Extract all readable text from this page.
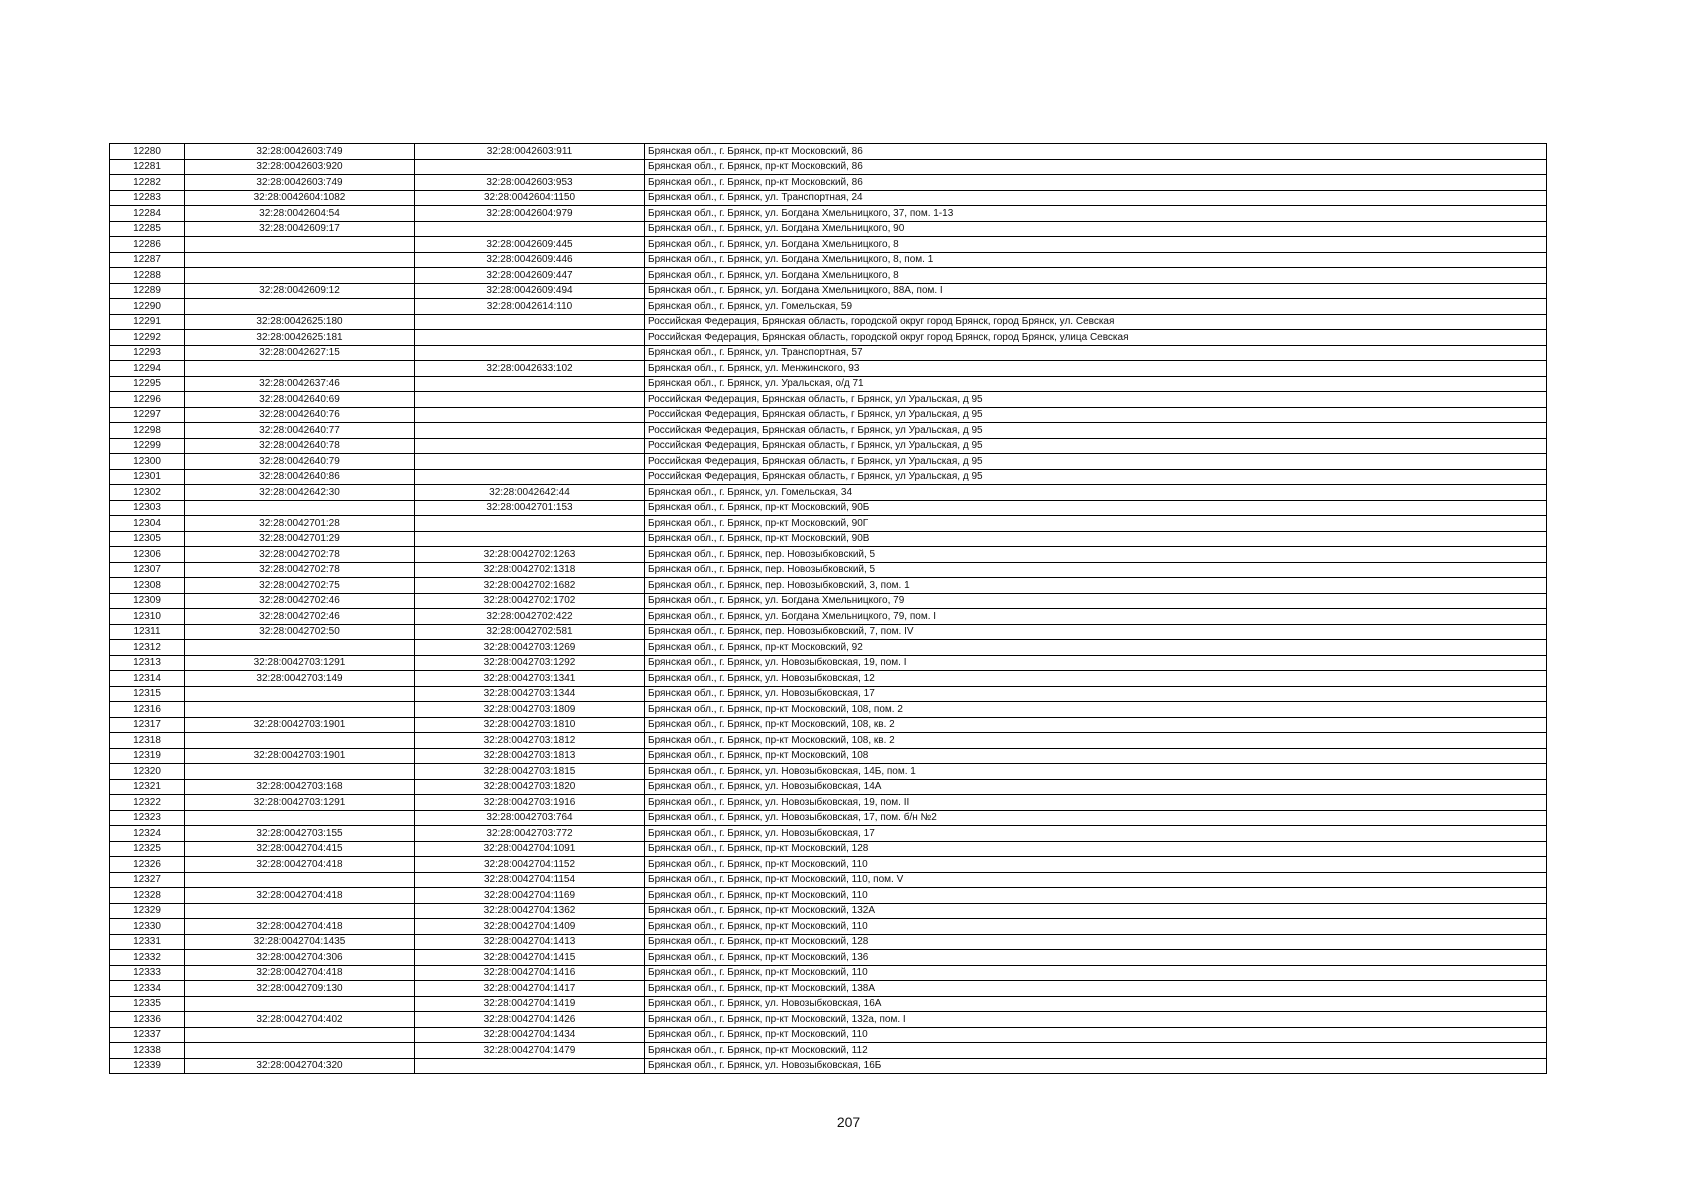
12280	32:28:0042603:749	32:28:0042603:911	Брянская обл., г. Брянск, пр-кт Московский, 86
12281	32:28:0042603:920		Брянская обл., г. Брянск, пр-кт Московский, 86
12282	32:28:0042603:749	32:28:0042603:953	Брянская обл., г. Брянск, пр-кт Московский, 86
12283	32:28:0042604:1082	32:28:0042604:1150	Брянская обл., г. Брянск, ул. Транспортная, 24
12284	32:28:0042604:54	32:28:0042604:979	Брянская обл., г. Брянск, ул. Богдана Хмельницкого, 37, пом. 1-13
12285	32:28:0042609:17		Брянская обл., г. Брянск, ул. Богдана Хмельницкого, 90
12286		32:28:0042609:445	Брянская обл., г. Брянск, ул. Богдана Хмельницкого, 8
12287		32:28:0042609:446	Брянская обл., г. Брянск, ул. Богдана Хмельницкого, 8, пом. 1
12288		32:28:0042609:447	Брянская обл., г. Брянск, ул. Богдана Хмельницкого, 8
12289	32:28:0042609:12	32:28:0042609:494	Брянская обл., г. Брянск, ул. Богдана Хмельницкого, 88А, пом. I
12290		32:28:0042614:110	Брянская обл., г. Брянск, ул. Гомельская, 59
12291	32:28:0042625:180		Российская Федерация, Брянская область, городской округ город Брянск, город Брянск, ул. Севская
12292	32:28:0042625:181		Российская Федерация, Брянская область, городской округ город Брянск, город Брянск, улица Севская
12293	32:28:0042627:15		Брянская обл., г. Брянск, ул. Транспортная, 57
12294		32:28:0042633:102	Брянская обл., г. Брянск, ул. Менжинского, 93
12295	32:28:0042637:46		Брянская обл., г. Брянск, ул. Уральская, о/д 71
12296	32:28:0042640:69		Российская Федерация, Брянская область, г Брянск, ул Уральская, д 95
12297	32:28:0042640:76		Российская Федерация, Брянская область, г Брянск, ул Уральская, д 95
12298	32:28:0042640:77		Российская Федерация, Брянская область, г Брянск, ул Уральская, д 95
12299	32:28:0042640:78		Российская Федерация, Брянская область, г Брянск, ул Уральская, д 95
12300	32:28:0042640:79		Российская Федерация, Брянская область, г Брянск, ул Уральская, д 95
12301	32:28:0042640:86		Российская Федерация, Брянская область, г Брянск, ул Уральская, д 95
12302	32:28:0042642:30	32:28:0042642:44	Брянская обл., г. Брянск, ул. Гомельская, 34
12303		32:28:0042701:153	Брянская обл., г. Брянск, пр-кт Московский, 90Б
12304	32:28:0042701:28		Брянская обл., г. Брянск, пр-кт Московский, 90Г
12305	32:28:0042701:29		Брянская обл., г. Брянск, пр-кт Московский, 90В
12306	32:28:0042702:78	32:28:0042702:1263	Брянская обл., г. Брянск, пер. Новозыбковский, 5
12307	32:28:0042702:78	32:28:0042702:1318	Брянская обл., г. Брянск, пер. Новозыбковский, 5
12308	32:28:0042702:75	32:28:0042702:1682	Брянская обл., г. Брянск, пер. Новозыбковский, 3, пом. 1
12309	32:28:0042702:46	32:28:0042702:1702	Брянская обл., г. Брянск, ул. Богдана Хмельницкого, 79
12310	32:28:0042702:46	32:28:0042702:422	Брянская обл., г. Брянск, ул. Богдана Хмельницкого, 79, пом. I
12311	32:28:0042702:50	32:28:0042702:581	Брянская обл., г. Брянск, пер. Новозыбковский, 7, пом. IV
12312		32:28:0042703:1269	Брянская обл., г. Брянск, пр-кт Московский, 92
12313	32:28:0042703:1291	32:28:0042703:1292	Брянская обл., г. Брянск, ул. Новозыбковская, 19, пом. I
12314	32:28:0042703:149	32:28:0042703:1341	Брянская обл., г. Брянск, ул. Новозыбковская, 12
12315		32:28:0042703:1344	Брянская обл., г. Брянск, ул. Новозыбковская, 17
12316		32:28:0042703:1809	Брянская обл., г. Брянск, пр-кт Московский, 108, пом. 2
12317	32:28:0042703:1901	32:28:0042703:1810	Брянская обл., г. Брянск, пр-кт Московский, 108, кв. 2
12318		32:28:0042703:1812	Брянская обл., г. Брянск, пр-кт Московский, 108, кв. 2
12319	32:28:0042703:1901	32:28:0042703:1813	Брянская обл., г. Брянск, пр-кт Московский, 108
12320		32:28:0042703:1815	Брянская обл., г. Брянск, ул. Новозыбковская, 14Б, пом. 1
12321	32:28:0042703:168	32:28:0042703:1820	Брянская обл., г. Брянск, ул. Новозыбковская, 14А
12322	32:28:0042703:1291	32:28:0042703:1916	Брянская обл., г. Брянск, ул. Новозыбковская, 19, пом. II
12323		32:28:0042703:764	Брянская обл., г. Брянск, ул. Новозыбковская, 17, пом. б/н №2
12324	32:28:0042703:155	32:28:0042703:772	Брянская обл., г. Брянск, ул. Новозыбковская, 17
12325	32:28:0042704:415	32:28:0042704:1091	Брянская обл., г. Брянск, пр-кт Московский, 128
12326	32:28:0042704:418	32:28:0042704:1152	Брянская обл., г. Брянск, пр-кт Московский, 110
12327		32:28:0042704:1154	Брянская обл., г. Брянск, пр-кт Московский, 110, пом. V
12328	32:28:0042704:418	32:28:0042704:1169	Брянская обл., г. Брянск, пр-кт Московский, 110
12329		32:28:0042704:1362	Брянская обл., г. Брянск, пр-кт Московский, 132А
12330	32:28:0042704:418	32:28:0042704:1409	Брянская обл., г. Брянск, пр-кт Московский, 110
12331	32:28:0042704:1435	32:28:0042704:1413	Брянская обл., г. Брянск, пр-кт Московский, 128
12332	32:28:0042704:306	32:28:0042704:1415	Брянская обл., г. Брянск, пр-кт Московский, 136
12333	32:28:0042704:418	32:28:0042704:1416	Брянская обл., г. Брянск, пр-кт Московский, 110
12334	32:28:0042709:130	32:28:0042704:1417	Брянская обл., г. Брянск, пр-кт Московский, 138А
12335		32:28:0042704:1419	Брянская обл., г. Брянск, ул. Новозыбковская, 16А
12336	32:28:0042704:402	32:28:0042704:1426	Брянская обл., г. Брянск, пр-кт Московский, 132а, пом. I
12337		32:28:0042704:1434	Брянская обл., г. Брянск, пр-кт Московский, 110
12338		32:28:0042704:1479	Брянская обл., г. Брянск, пр-кт Московский, 112
12339	32:28:0042704:320		Брянская обл., г. Брянск, ул. Новозыбковская, 16Б
207
